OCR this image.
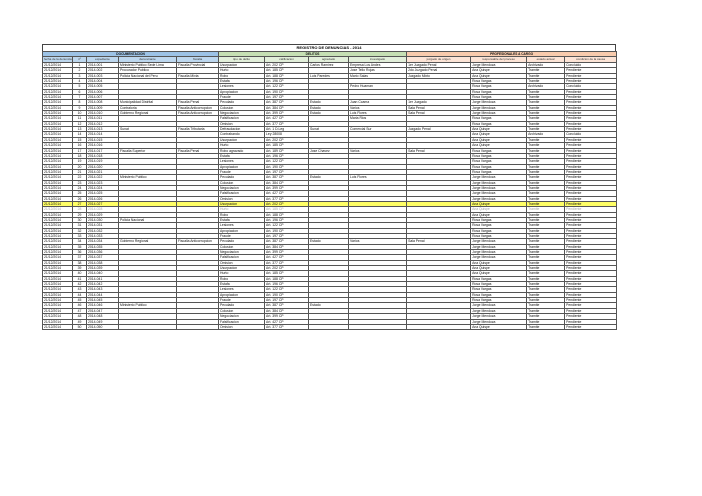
REGISTRO DE DENUNCIAS - 2014
DOCUMENTACION					DELITOS				PROFESIONALES A CARGO			
fecha de la denuncia	nº	expediente	denunciante	fiscalia	tipo de delito	calificacion	agraviado	investigado	juzgado de origen	responsable del proceso	estado actual	condicion de la causa
21/12/2014	1	2014-001	Ministerio Publico Sede Lima	Fiscalia Provincial	Usurpacion	Art. 202 CP	Carlos Ramirez	Empresa Los Andes	1er Juzgado Penal	Jorge Mendoza	Archivado	Concluido
21/12/2014	2	2014-002	Procurador Publico		Hurto	Art. 185 CP		Jose Tello Rojas	2do Juzgado Penal	Ana Quispe	Tramite	Pendiente
21/12/2014	3	2014-003	Policia Nacional del Peru	Fiscalia Mixta	Robo	Art. 188 CP	Luis Paredes	Mario Salas	Juzgado Mixto	Ana Quispe	Tramite	Pendiente
21/12/2014	4	2014-004			Estafa	Art. 196 CP				Rosa Vargas	Tramite	Pendiente
21/12/2014	5	2014-005			Lesiones	Art. 122 CP		Pedro Huaman		Rosa Vargas	Archivado	Concluido
21/12/2014	6	2014-006			Apropiacion	Art. 190 CP				Rosa Vargas	Tramite	Pendiente
21/12/2014	7	2014-007			Fraude	Art. 197 CP				Rosa Vargas	Tramite	Pendiente
21/12/2014	8	2014-008	Municipalidad Distrital	Fiscalia Penal	Peculado	Art. 387 CP	Estado	Juan Ccama	1er Juzgado	Jorge Mendoza	Tramite	Pendiente
21/12/2014	9	2014-009	Contraloria	Fiscalia Anticorrupcion	Colusion	Art. 384 CP	Estado	Varios	Sala Penal	Jorge Mendoza	Tramite	Pendiente
21/12/2014	10	2014-010	Gobierno Regional	Fiscalia Anticorrupcion	Negociacion	Art. 399 CP	Estado	Luis Flores	Sala Penal	Jorge Mendoza	Tramite	Pendiente
21/12/2014	11	2014-011			Falsificacion	Art. 427 CP		Maria Rios		Rosa Vargas	Tramite	Pendiente
21/12/2014	12	2014-012			Omision	Art. 377 CP				Rosa Vargas	Tramite	Pendiente
21/12/2014	13	2014-013	Sunat	Fiscalia Tributaria	Defraudacion	Art. 1 D.Leg	Sunat	Comercial Sur	Juzgado Penal	Ana Quispe	Tramite	Pendiente
21/12/2014	14	2014-014			Contrabando	Ley 28008				Ana Quispe	Archivado	Concluido
21/12/2014	15	2014-015			Usurpacion	Art. 202 CP				Ana Quispe	Tramite	Pendiente
21/12/2014	16	2014-016			Hurto	Art. 185 CP				Ana Quispe	Tramite	Pendiente
21/12/2014	17	2014-017	Fiscalia Superior	Fiscalia Penal	Robo agravado	Art. 189 CP	Jose Chavez	Varios	Sala Penal	Rosa Vargas	Tramite	Pendiente
21/12/2014	18	2014-018			Estafa	Art. 196 CP				Rosa Vargas	Tramite	Pendiente
21/12/2014	19	2014-019			Lesiones	Art. 122 CP				Rosa Vargas	Tramite	Pendiente
21/12/2014	20	2014-020			Apropiacion	Art. 190 CP				Rosa Vargas	Tramite	Pendiente
21/12/2014	21	2014-021			Fraude	Art. 197 CP				Rosa Vargas	Tramite	Pendiente
21/12/2014	22	2014-022	Ministerio Publico		Peculado	Art. 387 CP	Estado	Luis Flores		Jorge Mendoza	Tramite	Pendiente
21/12/2014	23	2014-023			Colusion	Art. 384 CP				Jorge Mendoza	Tramite	Pendiente
21/12/2014	24	2014-024			Negociacion	Art. 399 CP				Jorge Mendoza	Tramite	Pendiente
21/12/2014	25	2014-025			Falsificacion	Art. 427 CP				Jorge Mendoza	Tramite	Pendiente
21/12/2014	26	2014-026			Omision	Art. 377 CP				Jorge Mendoza	Tramite	Pendiente
21/12/2014	27	2014-027			Usurpacion	Art. 202 CP				Ana Quispe	Tramite	Pendiente
21/12/2014	28	2014-028			Hurto	Art. 185 CP				Ana Quispe	Tramite	Pendiente
21/12/2014	29	2014-029			Robo	Art. 188 CP				Ana Quispe	Tramite	Pendiente
21/12/2014	30	2014-030	Policia Nacional		Estafa	Art. 196 CP				Rosa Vargas	Tramite	Pendiente
21/12/2014	31	2014-031			Lesiones	Art. 122 CP				Rosa Vargas	Tramite	Pendiente
21/12/2014	32	2014-032			Apropiacion	Art. 190 CP				Rosa Vargas	Tramite	Pendiente
21/12/2014	33	2014-033			Fraude	Art. 197 CP				Rosa Vargas	Tramite	Pendiente
21/12/2014	34	2014-034	Gobierno Regional	Fiscalia Anticorrupcion	Peculado	Art. 387 CP	Estado	Varios	Sala Penal	Jorge Mendoza	Tramite	Pendiente
21/12/2014	35	2014-035			Colusion	Art. 384 CP				Jorge Mendoza	Tramite	Pendiente
21/12/2014	36	2014-036			Negociacion	Art. 399 CP				Jorge Mendoza	Tramite	Pendiente
21/12/2014	37	2014-037			Falsificacion	Art. 427 CP				Jorge Mendoza	Tramite	Pendiente
21/12/2014	38	2014-038			Omision	Art. 377 CP				Ana Quispe	Tramite	Pendiente
21/12/2014	39	2014-039			Usurpacion	Art. 202 CP				Ana Quispe	Tramite	Pendiente
21/12/2014	40	2014-040			Hurto	Art. 185 CP				Ana Quispe	Tramite	Pendiente
21/12/2014	41	2014-041			Robo	Art. 188 CP				Rosa Vargas	Tramite	Pendiente
21/12/2014	42	2014-042			Estafa	Art. 196 CP				Rosa Vargas	Tramite	Pendiente
21/12/2014	43	2014-043			Lesiones	Art. 122 CP				Rosa Vargas	Tramite	Pendiente
21/12/2014	44	2014-044			Apropiacion	Art. 190 CP				Rosa Vargas	Tramite	Pendiente
21/12/2014	45	2014-045			Fraude	Art. 197 CP				Rosa Vargas	Tramite	Pendiente
21/12/2014	46	2014-046	Ministerio Publico		Peculado	Art. 387 CP	Estado			Jorge Mendoza	Tramite	Pendiente
21/12/2014	47	2014-047			Colusion	Art. 384 CP				Jorge Mendoza	Tramite	Pendiente
21/12/2014	48	2014-048			Negociacion	Art. 399 CP				Jorge Mendoza	Tramite	Pendiente
21/12/2014	49	2014-049			Falsificacion	Art. 427 CP				Jorge Mendoza	Tramite	Pendiente
21/12/2014	50	2014-050			Omision	Art. 377 CP				Ana Quispe	Tramite	Pendiente
